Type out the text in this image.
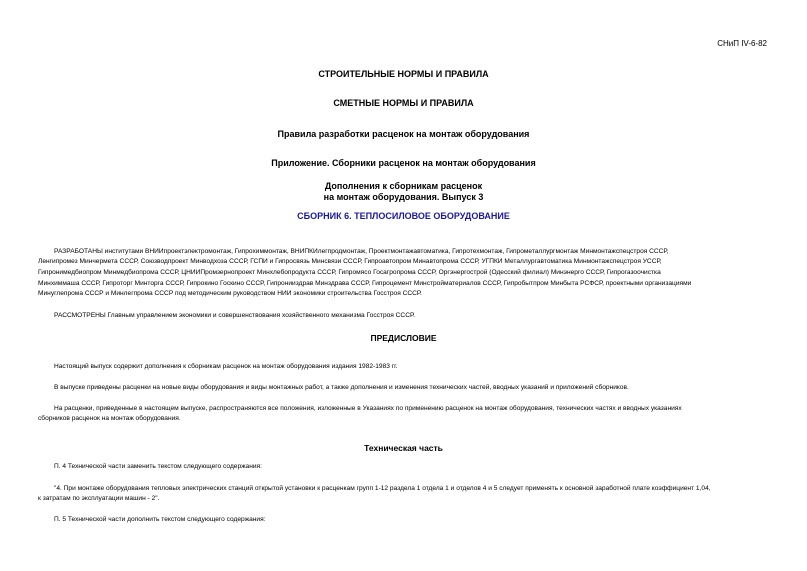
СНиП IV-6-82
СТРОИТЕЛЬНЫЕ НОРМЫ И ПРАВИЛА
СМЕТНЫЕ НОРМЫ И ПРАВИЛА
Правила разработки расценок на монтаж оборудования
Приложение. Сборники расценок на монтаж оборудования
Дополнения к сборникам расценок
на монтаж оборудования. Выпуск 3
СБОРНИК 6. ТЕПЛОСИЛОВОЕ ОБОРУДОВАНИЕ
РАЗРАБОТАНЫ институтами ВНИИпроектэлектромонтаж, Гипрохиммонтаж, ВНИПКИлегпродмонтаж, Проектмонтажавтоматика, Гипротехмонтаж, Гипрометаллургмонтаж Минмонтажспецстроя СССР,
Ленгипромез Минчермета СССР, Союзводпроект Минводхоза СССР, ГСПИ и Гипросвязь Минсвязи СССР, Гипроавтопром Минавтопрома СССР, УГПКИ Металлургавтоматика Минмонтажспецстроя УССР,
Гипронимедбиопром Минмедбиопрома СССР, ЦНИИПромзернопроект Минхлебопродукта СССР, Гипромясо Госагропрома СССР, Оргэнергострой (Одесский филиал) Минэнерго СССР, Гипрогазоочистка
Минхиммаша СССР, Гипроторг Минторга СССР, Гипрокино Госкино СССР, Гипронииздрав Минздрава СССР, Гипроцемент Минстройматериалов СССР, Гипробытпром Минбыта РСФСР, проектными организациями
Минуглепрома СССР и Минлегпрома СССР под методическим руководством НИИ экономики строительства Госстроя СССР.
РАССМОТРЕНЫ Главным управлением экономики и совершенствования хозяйственного механизма Госстроя СССР.
ПРЕДИСЛОВИЕ
Настоящий выпуск содержит дополнения к сборникам расценок на монтаж оборудования издания 1982-1983 гг.
В выпуске приведены расценки на новые виды оборудования и виды монтажных работ, а также дополнения и изменения технических частей, вводных указаний и приложений сборников.
На расценки, приведенные в настоящем выпуске, распространяются все положения, изложенные в Указаниях по применению расценок на монтаж оборудования, технических частях и вводных указаниях
сборников расценок на монтаж оборудования.
Техническая часть
П. 4 Технической части заменить текстом следующего содержания:
"4. При монтаже оборудования тепловых электрических станций открытой установки к расценкам групп 1-12 раздела 1 отдела 1 и отделов 4 и 5 следует применять к основной заработной плате коэффициент 1,04,
к затратам по эксплуатации машин - 2".
П. 5 Технической части дополнить текстом следующего содержания:
